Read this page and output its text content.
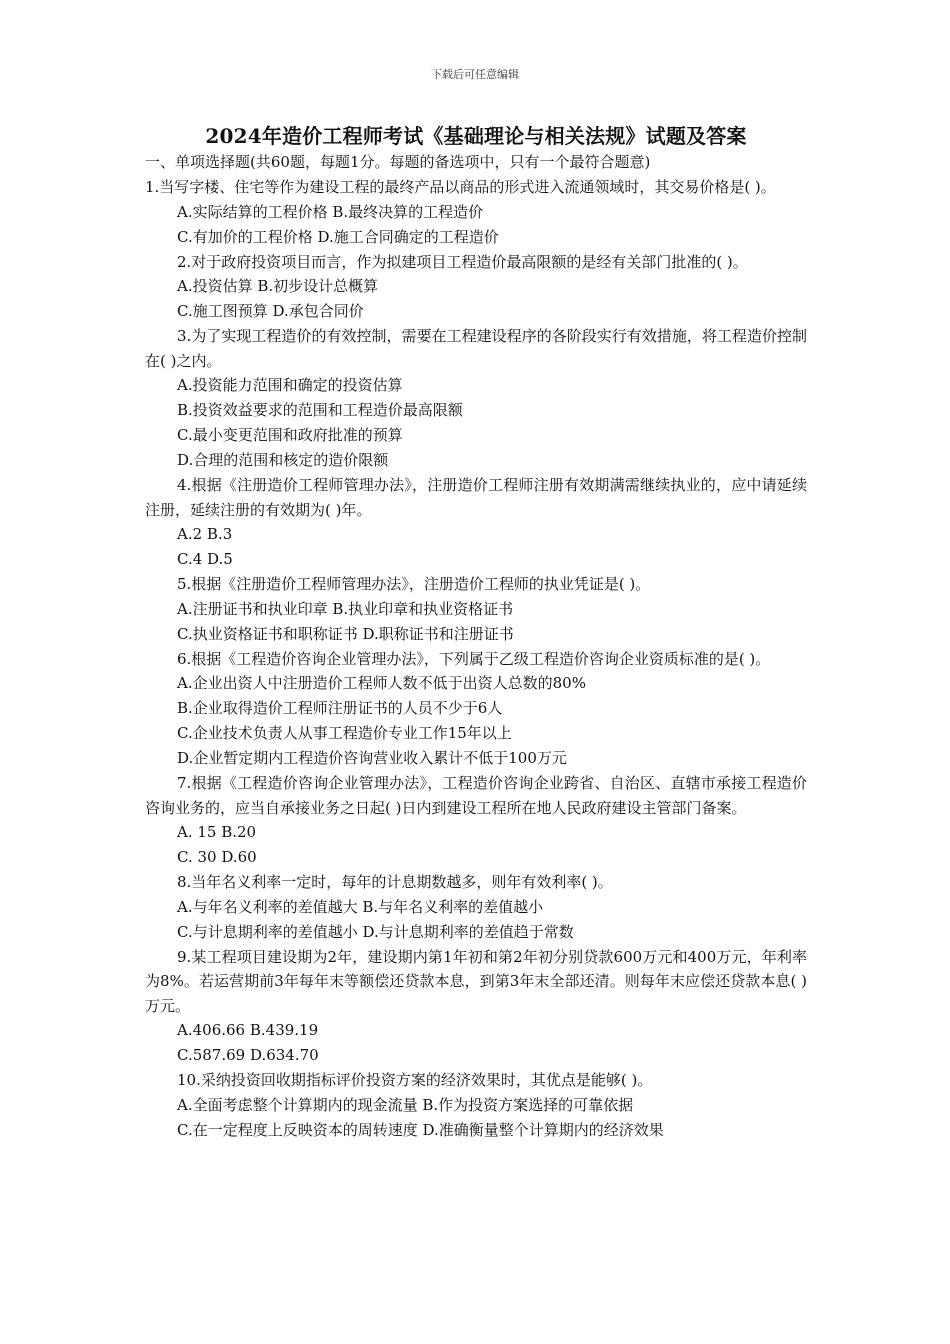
下载后可任意编辑
2024年造价工程师考试《基础理论与相关法规》试题及答案
一、单项选择题(共60题，每题1分。每题的备选项中，只有一个最符合题意)
1.当写字楼、住宅等作为建设工程的最终产品以商品的形式进入流通领域时，其交易价格是( )。
A.实际结算的工程价格 B.最终决算的工程造价
C.有加价的工程价格 D.施工合同确定的工程造价
2.对于政府投资项目而言，作为拟建项目工程造价最高限额的是经有关部门批准的( )。
A.投资估算 B.初步设计总概算
C.施工图预算 D.承包合同价
3.为了实现工程造价的有效控制，需要在工程建设程序的各阶段实行有效措施，将工程造价控制在( )之内。
A.投资能力范围和确定的投资估算
B.投资效益要求的范围和工程造价最高限额
C.最小变更范围和政府批准的预算
D.合理的范围和核定的造价限额
4.根据《注册造价工程师管理办法》，注册造价工程师注册有效期满需继续执业的，应中请延续注册，延续注册的有效期为( )年。
A.2 B.3
C.4 D.5
5.根据《注册造价工程师管理办法》，注册造价工程师的执业凭证是( )。
A.注册证书和执业印章 B.执业印章和执业资格证书
C.执业资格证书和职称证书 D.职称证书和注册证书
6.根据《工程造价咨询企业管理办法》，下列属于乙级工程造价咨询企业资质标准的是( )。
A.企业出资人中注册造价工程师人数不低于出资人总数的80%
B.企业取得造价工程师注册证书的人员不少于6人
C.企业技术负责人从事工程造价专业工作15年以上
D.企业暂定期内工程造价咨询营业收入累计不低于100万元
7.根据《工程造价咨询企业管理办法》，工程造价咨询企业跨省、自治区、直辖市承接工程造价咨询业务的，应当自承接业务之日起( )日内到建设工程所在地人民政府建设主管部门备案。
A. 15 B.20
C. 30 D.60
8.当年名义利率一定时，每年的计息期数越多，则年有效利率( )。
A.与年名义利率的差值越大 B.与年名义利率的差值越小
C.与计息期利率的差值越小 D.与计息期利率的差值趋于常数
9.某工程项目建设期为2年，建设期内第1年初和第2年初分别贷款600万元和400万元，年利率为8%。若运营期前3年每年末等额偿还贷款本息，到第3年末全部还清。则每年末应偿还贷款本息( )万元。
A.406.66 B.439.19
C.587.69 D.634.70
10.采纳投资回收期指标评价投资方案的经济效果时，其优点是能够( )。
A.全面考虑整个计算期内的现金流量 B.作为投资方案选择的可靠依据
C.在一定程度上反映资本的周转速度 D.准确衡量整个计算期内的经济效果
